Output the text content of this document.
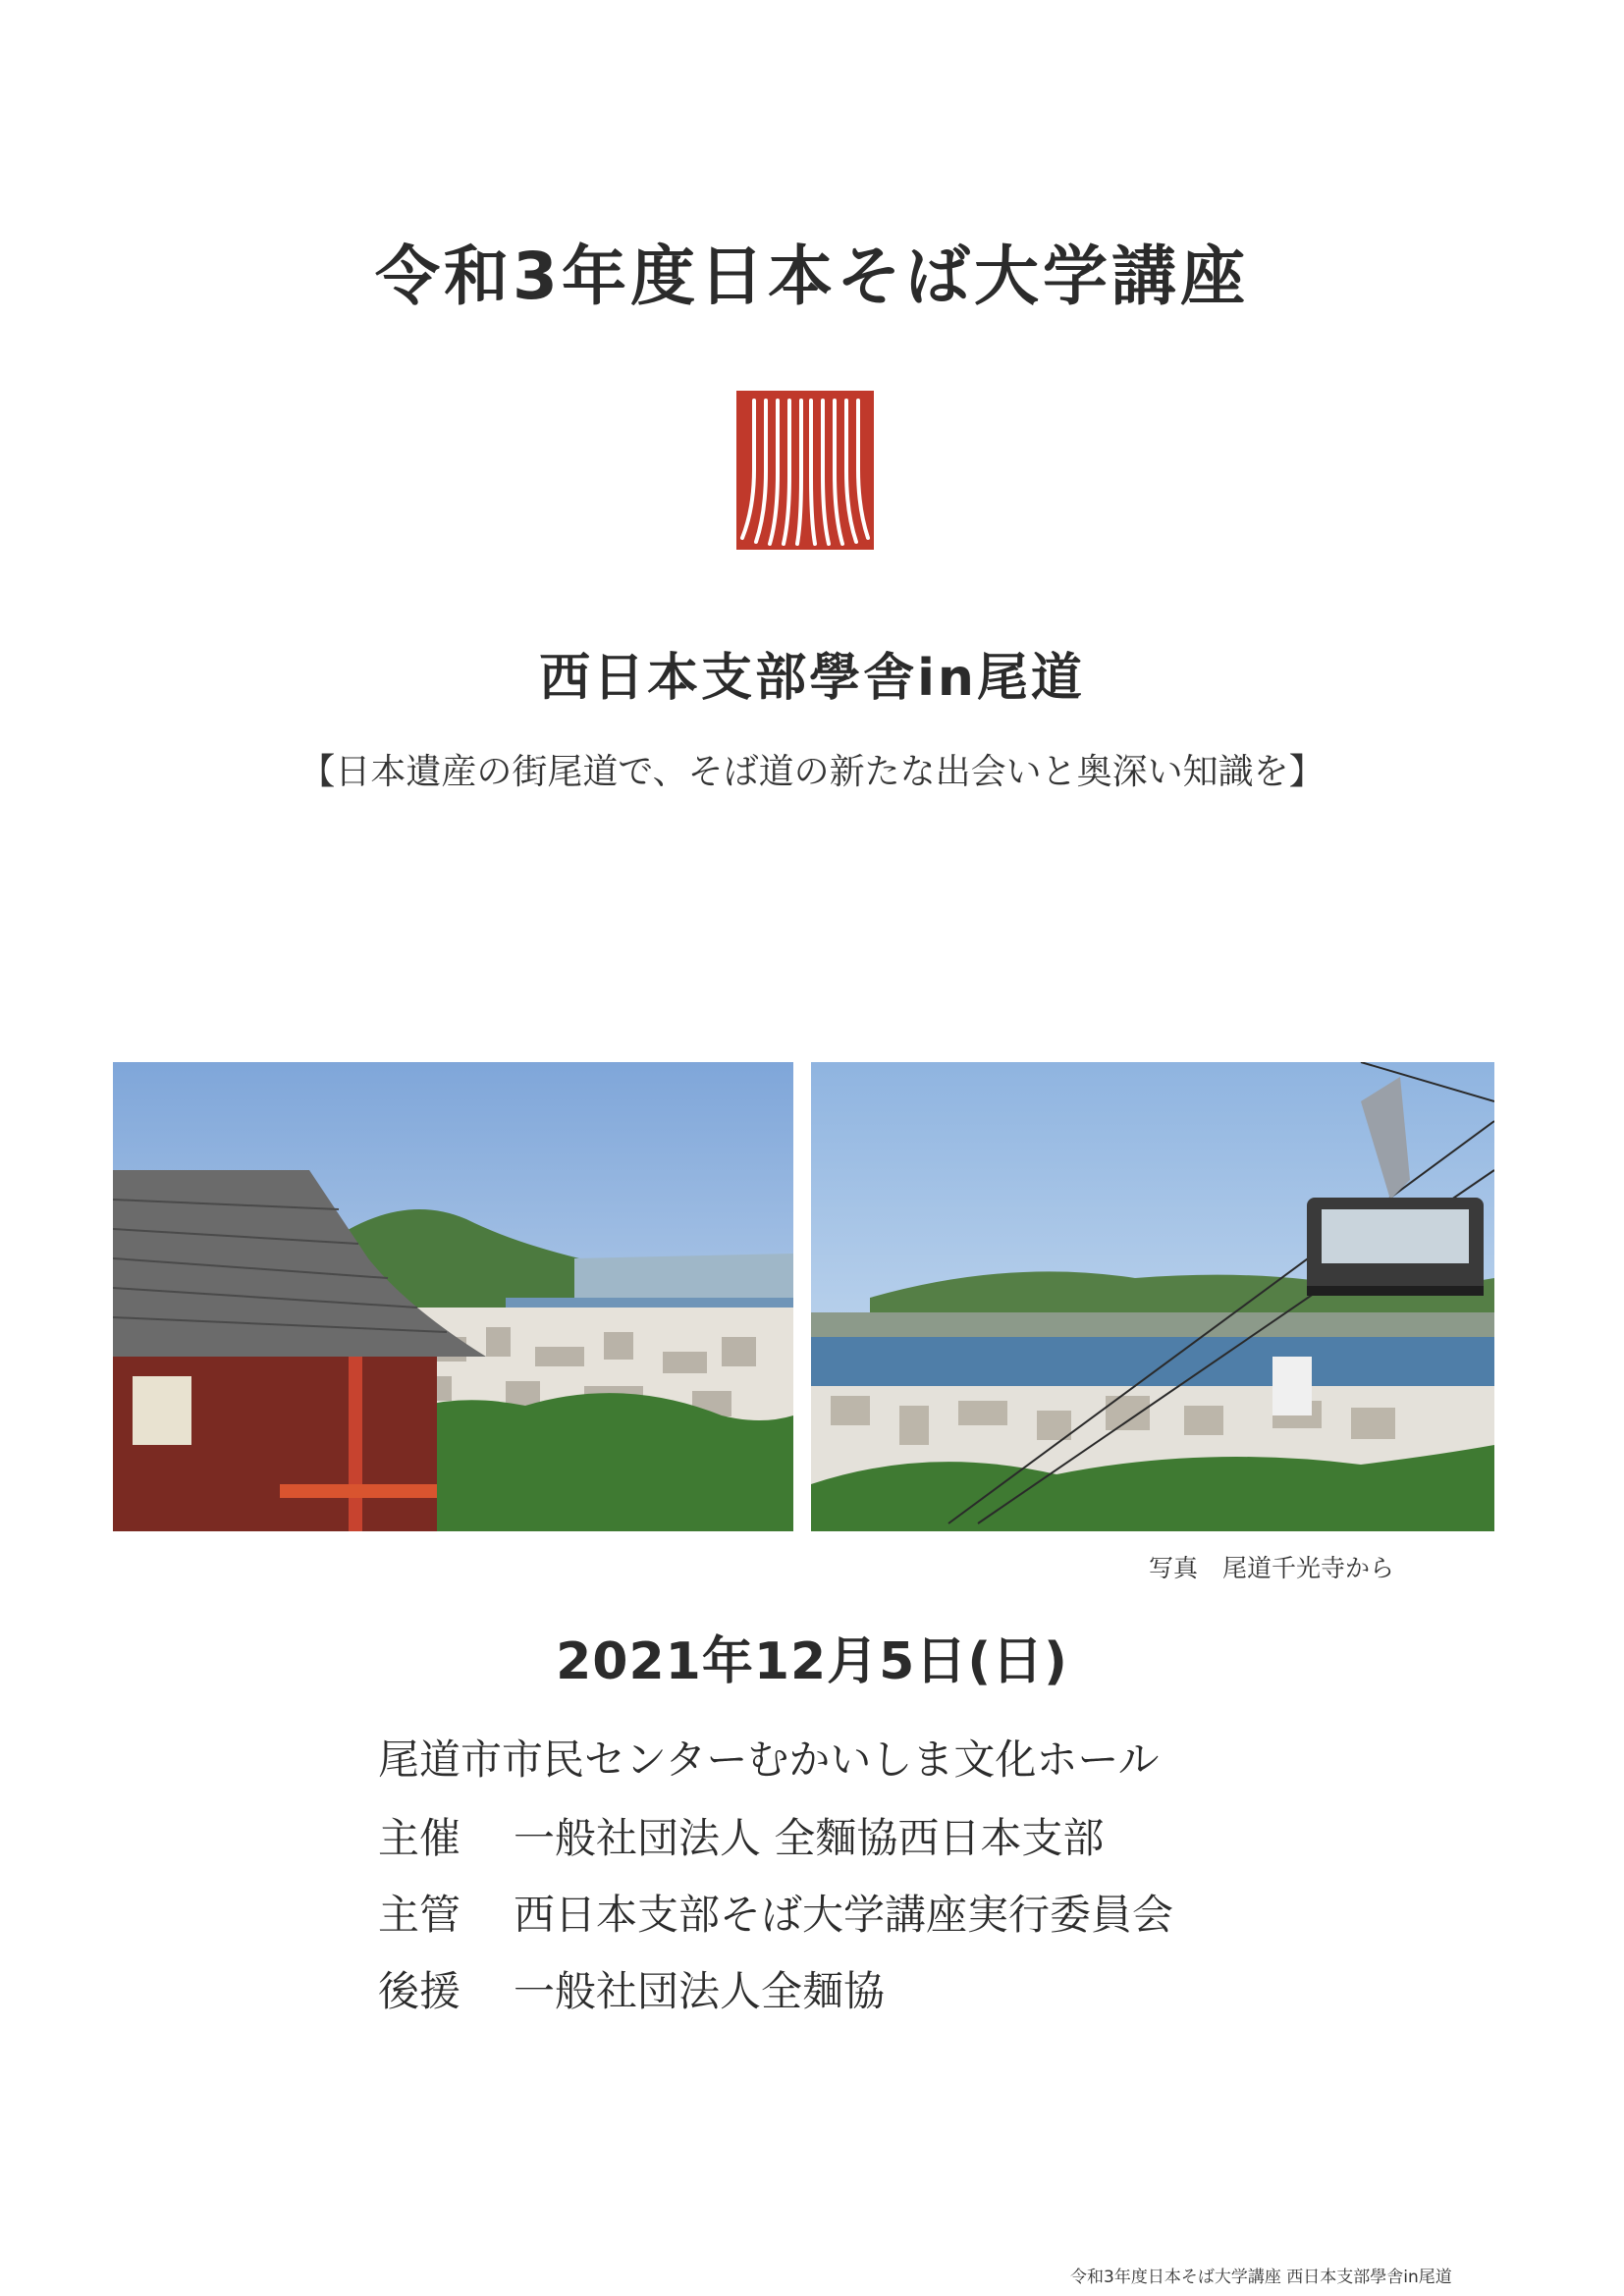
令和3年度日本そば大学講座
西日本支部學舎in尾道
【日本遺産の街尾道で、そば道の新たな出会いと奥深い知識を】
写真　尾道千光寺から
2021年12月5日(日)
尾道市市民センターむかいしま文化ホール
主催 一般社団法人 全麵協西日本支部
主管 西日本支部そば大学講座実行委員会
後援 一般社団法人全麺協
令和3年度日本そば大学講座 西日本支部學舎in尾道
